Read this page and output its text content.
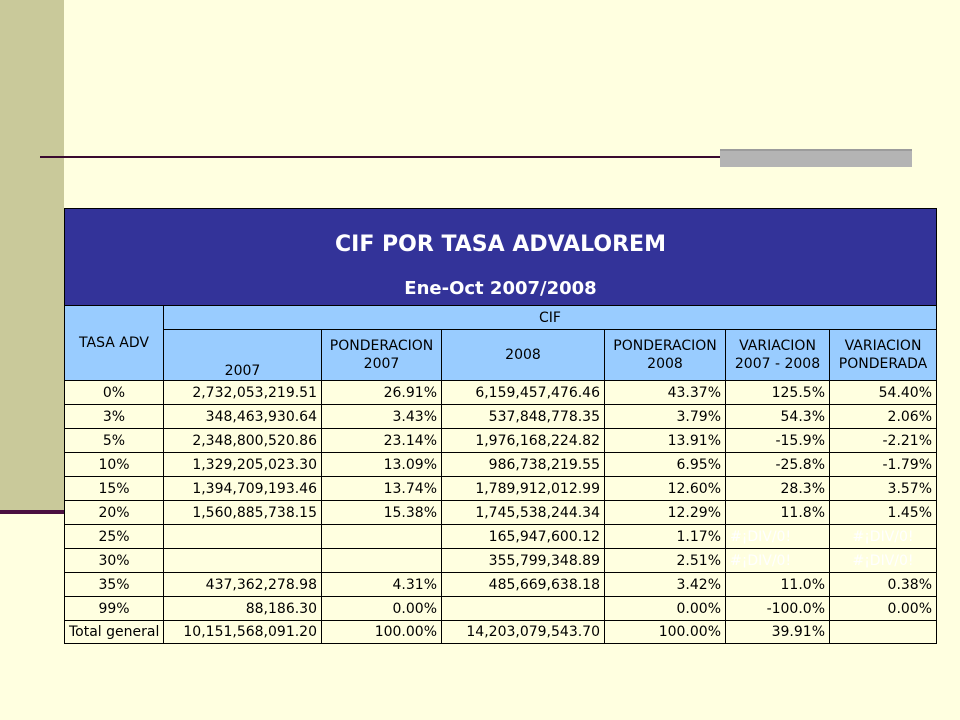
CIF POR TASA ADVALOREM						
Ene-Oct 2007/2008						
TASA ADV	CIF					
	2007	PONDERACION 2007	2008	PONDERACION 2008	VARIACION 2007 - 2008	VARIACION PONDERADA
0%	2,732,053,219.51	26.91%	6,159,457,476.46	43.37%	125.5%	54.40%
3%	348,463,930.64	3.43%	537,848,778.35	3.79%	54.3%	2.06%
5%	2,348,800,520.86	23.14%	1,976,168,224.82	13.91%	-15.9%	-2.21%
10%	1,329,205,023.30	13.09%	986,738,219.55	6.95%	-25.8%	-1.79%
15%	1,394,709,193.46	13.74%	1,789,912,012.99	12.60%	28.3%	3.57%
20%	1,560,885,738.15	15.38%	1,745,538,244.34	12.29%	11.8%	1.45%
25%			165,947,600.12	1.17%	#¡DIV/0!	#¡DIV/0!
30%			355,799,348.89	2.51%	#¡DIV/0!	#¡DIV/0!
35%	437,362,278.98	4.31%	485,669,638.18	3.42%	11.0%	0.38%
99%	88,186.30	0.00%		0.00%	-100.0%	0.00%
Total general	10,151,568,091.20	100.00%	14,203,079,543.70	100.00%	39.91%	
